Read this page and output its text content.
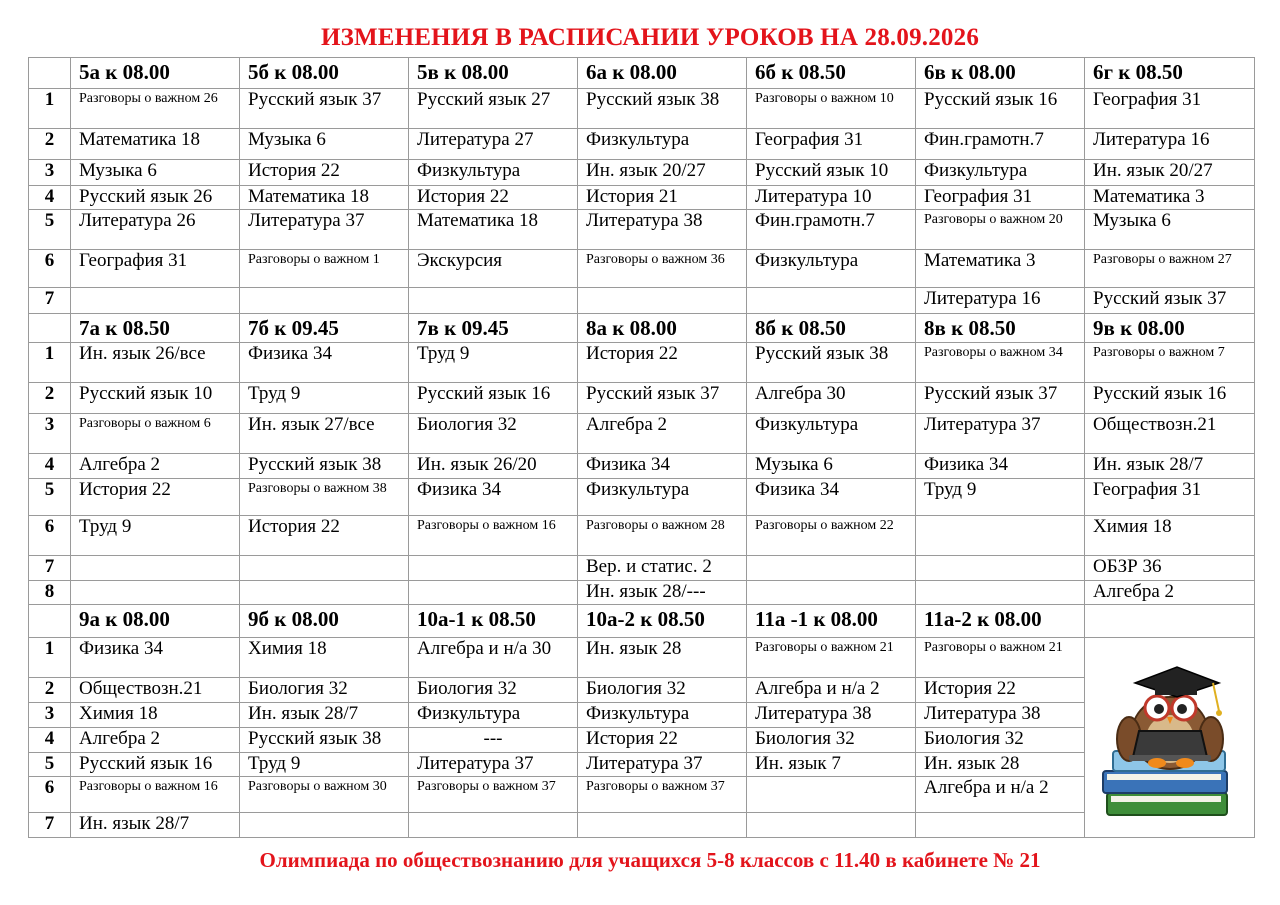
ИЗМЕНЕНИЯ В РАСПИСАНИИ УРОКОВ НА 28.09.2026
	5а к 08.00	5б к 08.00	5в к 08.00	6а к 08.00	6б к 08.50	6в к 08.00	6г к 08.50
1	Разговоры о важном 26	Русский язык 37	Русский язык 27	Русский язык 38	Разговоры о важном 10	Русский язык 16	География 31
2	Математика 18	Музыка 6	Литература 27	Физкультура	География 31	Фин.грамотн.7	Литература 16
3	Музыка 6	История 22	Физкультура	Ин. язык 20/27	Русский язык 10	Физкультура	Ин. язык 20/27
4	Русский язык 26	Математика 18	История 22	История 21	Литература 10	География 31	Математика 3
5	Литература 26	Литература 37	Математика 18	Литература 38	Фин.грамотн.7	Разговоры о важном 20	Музыка 6
6	География 31	Разговоры о важном 1	Экскурсия	Разговоры о важном 36	Физкультура	Математика 3	Разговоры о важном 27
7						Литература 16	Русский язык 37
	7а к 08.50	7б к 09.45	7в к 09.45	8а к 08.00	8б к 08.50	8в к 08.50	9в к 08.00
1	Ин. язык 26/все	Физика 34	Труд 9	История 22	Русский язык 38	Разговоры о важном 34	Разговоры о важном 7
2	Русский язык 10	Труд 9	Русский язык 16	Русский язык 37	Алгебра 30	Русский язык 37	Русский язык 16
3	Разговоры о важном 6	Ин. язык 27/все	Биология 32	Алгебра 2	Физкультура	Литература 37	Обществозн.21
4	Алгебра 2	Русский язык 38	Ин. язык 26/20	Физика 34	Музыка 6	Физика 34	Ин. язык 28/7
5	История 22	Разговоры о важном 38	Физика 34	Физкультура	Физика 34	Труд 9	География 31
6	Труд 9	История 22	Разговоры о важном 16	Разговоры о важном 28	Разговоры о важном 22		Химия 18
7				Вер. и статис. 2			ОБЗР 36
8				Ин. язык 28/---			Алгебра 2
	9а к 08.00	9б к 08.00	10а-1 к 08.50	10а-2 к 08.50	11а -1 к 08.00	11а-2 к 08.00	
1	Физика 34	Химия 18	Алгебра и н/а 30	Ин. язык 28	Разговоры о важном 21	Разговоры о важном 21	

2	Обществозн.21	Биология 32	Биология 32	Биология 32	Алгебра и н/а 2	История 22	
3	Химия 18	Ин. язык 28/7	Физкультура	Физкультура	Литература 38	Литература 38	
4	Алгебра 2	Русский язык 38	---	История 22	Биология 32	Биология 32	
5	Русский язык 16	Труд 9	Литература 37	Литература 37	Ин. язык 7	Ин. язык 28	
6	Разговоры о важном 16	Разговоры о важном 30	Разговоры о важном 37	Разговоры о важном 37		Алгебра и н/а 2	
7	Ин. язык 28/7						
Олимпиада по обществознанию для учащихся 5-8 классов с 11.40 в кабинете № 21
